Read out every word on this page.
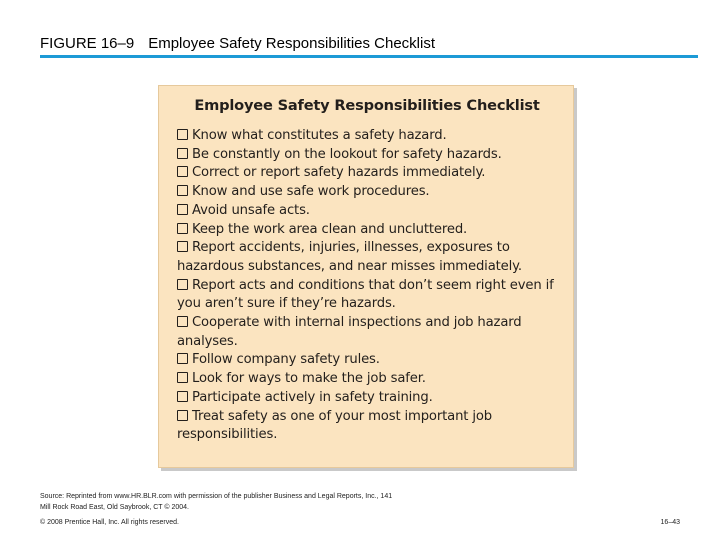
FIGURE 16–9 Employee Safety Responsibilities Checklist
Employee Safety Responsibilities Checklist
Know what constitutes a safety hazard.
Be constantly on the lookout for safety hazards.
Correct or report safety hazards immediately.
Know and use safe work procedures.
Avoid unsafe acts.
Keep the work area clean and uncluttered.
Report accidents, injuries, illnesses, exposures to hazardous substances, and near misses immediately.
Report acts and conditions that don’t seem right even if you aren’t sure if they’re hazards.
Cooperate with internal inspections and job hazard analyses.
Follow company safety rules.
Look for ways to make the job safer.
Participate actively in safety training.
Treat safety as one of your most important job responsibilities.
Source: Reprinted from www.HR.BLR.com with permission of the publisher Business and Legal Reports, Inc., 141 Mill Rock Road East, Old Saybrook, CT © 2004.
© 2008 Prentice Hall, Inc. All rights reserved.	16–43
